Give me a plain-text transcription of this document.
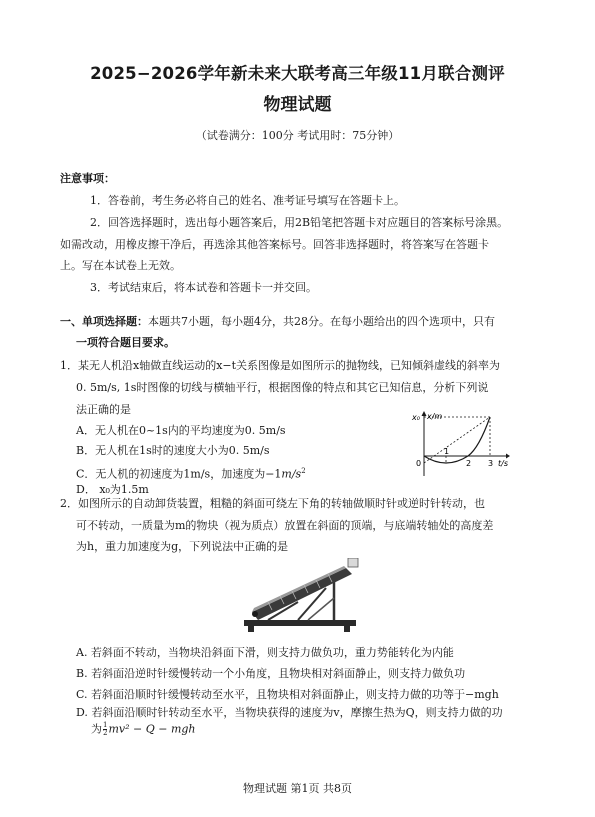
2025−2026学年新未来大联考高三年级11月联合测评
物理试题
（试卷满分：100分 考试用时：75分钟）
注意事项：
1．答卷前，考生务必将自己的姓名、准考证号填写在答题卡上。
2．回答选择题时，选出每小题答案后，用2B铅笔把答题卡对应题目的答案标号涂黑。
如需改动，用橡皮擦干净后，再选涂其他答案标号。回答非选择题时，将答案写在答题卡
上。写在本试卷上无效。
3．考试结束后，将本试卷和答题卡一并交回。
一、单项选择题：本题共7小题，每小题4分，共28分。在每小题给出的四个选项中，只有
一项符合题目要求。
1．某无人机沿x轴做直线运动的x−t关系图像是如图所示的抛物线，已知倾斜虚线的斜率为
0. 5m/s, 1s时图像的切线与横轴平行，根据图像的特点和其它已知信息，分析下列说
法正确的是
A．无人机在0~1s内的平均速度为0. 5m/s
B．无人机在1s时的速度大小为0. 5m/s
C．无人机的初速度为1m/s，加速度为$-1m/s^2$
D． x₀为1.5m
x/m
x₀
0
1
2 3 t/s
2．如图所示的自动卸货装置，粗糙的斜面可绕左下角的转轴做顺时针或逆时针转动，也
可不转动，一质量为m的物块（视为质点）放置在斜面的顶端，与底端转轴处的高度差
为h，重力加速度为g，下列说法中正确的是
A. 若斜面不转动，当物块沿斜面下滑，则支持力做负功，重力势能转化为内能
B. 若斜面沿逆时针缓慢转动一个小角度，且物块相对斜面静止，则支持力做负功
C. 若斜面沿顺时针缓慢转动至水平，且物块相对斜面静止，则支持力做的功等于−mgh
D. 若斜面沿顺时针转动至水平，当物块获得的速度为v，摩擦生热为Q，则支持力做的功
为 $\frac{1}{2} mv^2 - Q$ − mgh
物理试题 第1页 共8页
